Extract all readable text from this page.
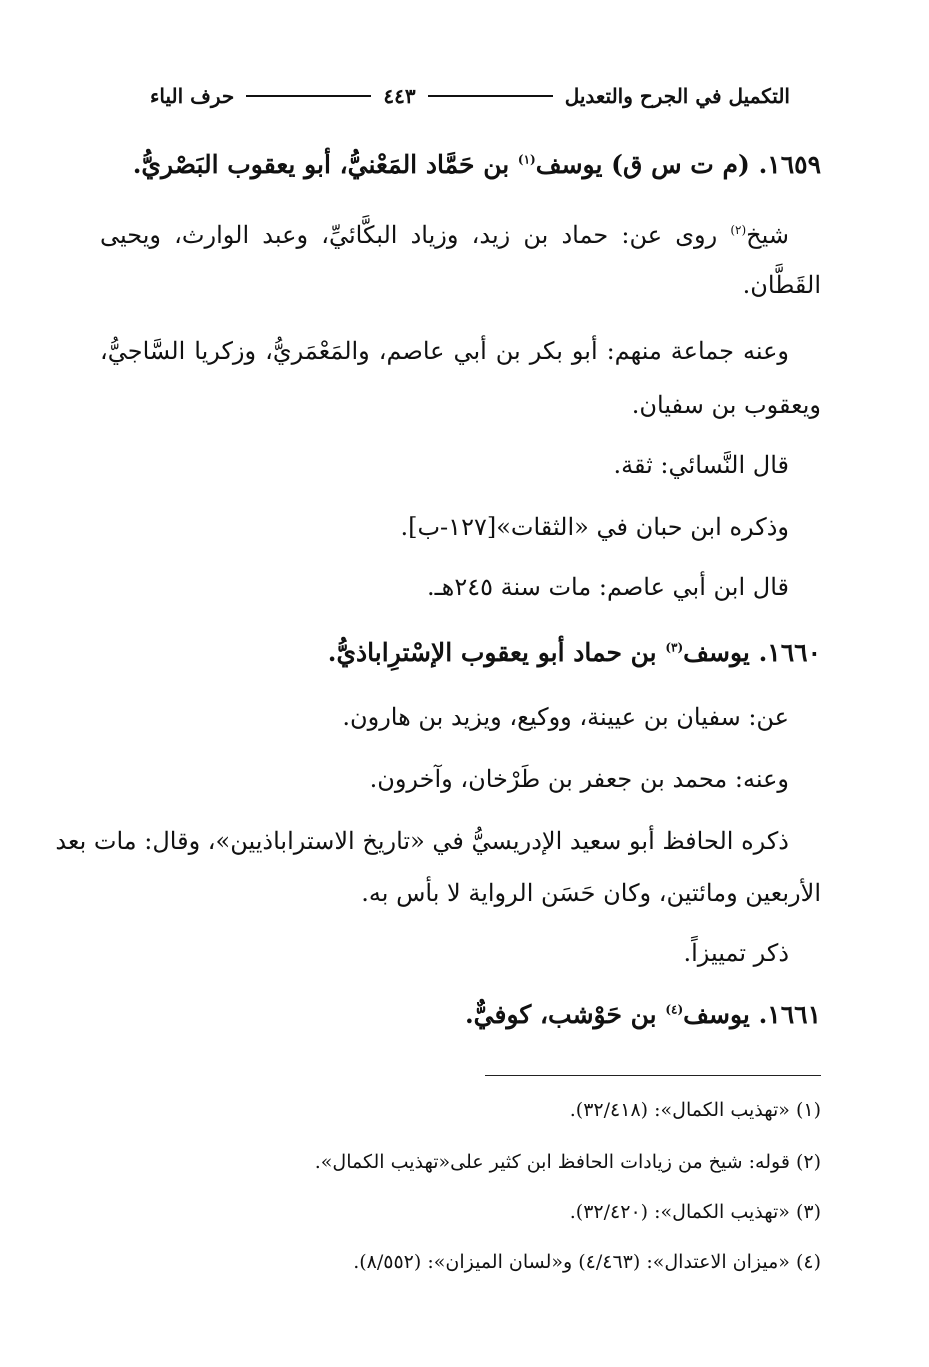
التكميل في الجرح والتعديل
٤٤٣
حرف الياء
١٦٥٩. (م ت س ق) يوسف$^{(١)}$ بن حَمَّاد المَعْنيُّ، أبو يعقوب البَصْريُّ.
شيخ$^{(٢)}$ روى عن: حماد بن زيد، وزياد البكَّائيِّ، وعبد الوارث، ويحيى
القَطَّان.
وعنه جماعة منهم: أبو بكر بن أبي عاصم، والمَعْمَريُّ، وزكريا السَّاجيُّ،
ويعقوب بن سفيان.
قال النَّسائي: ثقة.
وذكره ابن حبان في «الثقات»[١٢٧-ب].
قال ابن أبي عاصم: مات سنة ٢٤٥هـ.
١٦٦٠. يوسف$^{(٣)}$ بن حماد أبو يعقوب الإسْترِاباذيُّ.
عن: سفيان بن عيينة، ووكيع، ويزيد بن هارون.
وعنه: محمد بن جعفر بن طَرْخان، وآخرون.
ذكره الحافظ أبو سعيد الإدريسيُّ في «تاريخ الاستراباذيين»، وقال: مات بعد
الأربعين ومائتين، وكان حَسَن الرواية لا بأس به.
ذكر تمييزاً.
١٦٦١. يوسف$^{(٤)}$ بن حَوْشب، كوفيٌّ.
(١) «تهذيب الكمال»: (٣٢/٤١٨).
(٢) قوله: شيخ من زيادات الحافظ ابن كثير على«تهذيب الكمال».
(٣) «تهذيب الكمال»: (٣٢/٤٢٠).
(٤) «ميزان الاعتدال»: (٤/٤٦٣) و«لسان الميزان»: (٨/٥٥٢).
